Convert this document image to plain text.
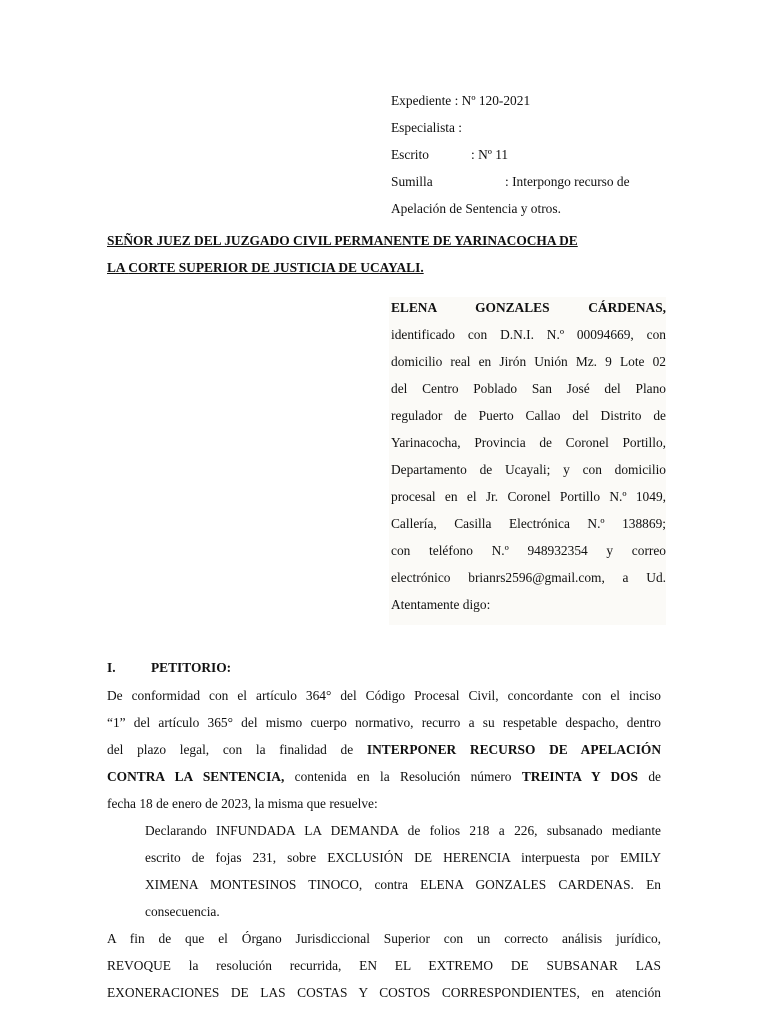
Expediente : Nº 120-2021
Especialista :
Escrito	: Nº 11
Sumilla	: Interpongo recurso de
Apelación de Sentencia y otros.
SEÑOR JUEZ DEL JUZGADO CIVIL PERMANENTE DE YARINACOCHA DE
LA CORTE SUPERIOR DE JUSTICIA DE UCAYALI.
ELENA GONZALES CÁRDENAS,
identificado con D.N.I. N.º 00094669, con
domicilio real en Jirón Unión Mz. 9 Lote 02
del Centro Poblado San José del Plano
regulador de Puerto Callao del Distrito de
Yarinacocha, Provincia de Coronel Portillo,
Departamento de Ucayali; y con domicilio
procesal en el Jr. Coronel Portillo N.º 1049,
Callería, Casilla Electrónica N.º 138869;
con teléfono N.º 948932354 y correo
electrónico brianrs2596@gmail.com, a Ud.
Atentamente digo:
I.	PETITORIO:
De conformidad con el artículo 364° del Código Procesal Civil, concordante con el inciso
“1” del artículo 365° del mismo cuerpo normativo, recurro a su respetable despacho, dentro
del plazo legal, con la finalidad de INTERPONER RECURSO DE APELACIÓN
CONTRA LA SENTENCIA, contenida en la Resolución número TREINTA Y DOS de
fecha 18 de enero de 2023, la misma que resuelve:
Declarando INFUNDADA LA DEMANDA de folios 218 a 226, subsanado mediante
escrito de fojas 231, sobre EXCLUSIÓN DE HERENCIA interpuesta por EMILY
XIMENA MONTESINOS TINOCO, contra ELENA GONZALES CARDENAS. En
consecuencia.
A fin de que el Órgano Jurisdiccional Superior con un correcto análisis jurídico,
REVOQUE la resolución recurrida, EN EL EXTREMO DE SUBSANAR LAS
EXONERACIONES DE LAS COSTAS Y COSTOS CORRESPONDIENTES, en atención
